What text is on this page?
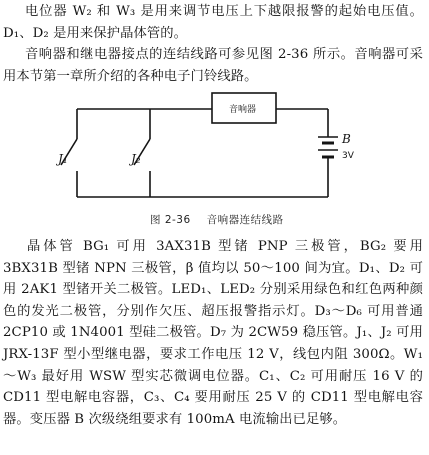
电位器 W₂ 和 W₃ 是用来调节电压上下越限报警的起始电压值。D₁、D₂ 是用来保护晶体管的。
音响器和继电器接点的连结线路可参见图 2-36 所示。音响器可采用本节第一章所介绍的各种电子门铃线路。
音响器
J₁	J₂
B
3V
图 2-36 音响器连结线路
晶体管 BG₁ 可用 3AX31B 型锗 PNP 三极管，BG₂ 要用 3BX31B 型锗 NPN 三极管，β 值均以 50～100 间为宜。D₁、D₂ 可用 2AK1 型锗开关二极管。LED₁、LED₂ 分别采用绿色和红色两种颜色的发光二极管，分别作欠压、超压报警指示灯。D₃～D₆ 可用普通 2CP10 或 1N4001 型硅二极管。D₇ 为 2CW59 稳压管。J₁、J₂ 可用 JRX-13F 型小型继电器，要求工作电压 12 V，线包内阻 300Ω。W₁～W₃ 最好用 WSW 型实芯微调电位器。C₁、C₂ 可用耐压 16 V 的 CD11 型电解电容器，C₃、C₄ 要用耐压 25 V 的 CD11 型电解电容器。变压器 B 次级绕组要求有 100mA 电流输出已足够。
